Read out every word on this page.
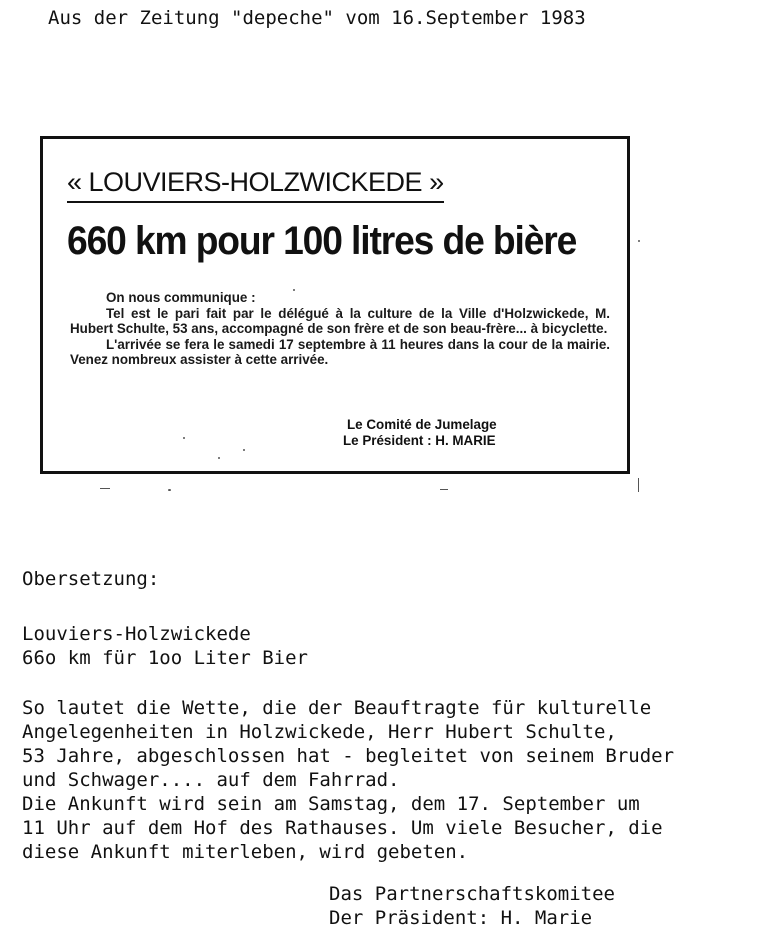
Aus der Zeitung "depeche" vom 16.September 1983
« LOUVIERS-HOLZWICKEDE »
660 km pour 100 litres de bière

On nous communique :

Tel est le pari fait par le délégué à la culture de la Ville d'Holzwickede, M. Hubert Schulte, 53 ans, accompagné de son frère et de son beau-frère... à bicyclette.

L'arrivée se fera le samedi 17 septembre à 11 heures dans la cour de la mairie. Venez nombreux assister à cette arrivée.

Le Comité de Jumelage
Le Président : H. MARIE
Obersetzung:
Louviers-Holzwickede
66o km für 1oo Liter Bier
So lautet die Wette, die der Beauftragte für kulturelle
Angelegenheiten in Holzwickede, Herr Hubert Schulte,
53 Jahre, abgeschlossen hat - begleitet von seinem Bruder
und Schwager.... auf dem Fahrrad.
Die Ankunft wird sein am Samstag, dem 17. September um
11 Uhr auf dem Hof des Rathauses. Um viele Besucher, die
diese Ankunft miterleben, wird gebeten.
Das Partnerschaftskomitee
Der Präsident: H. Marie
